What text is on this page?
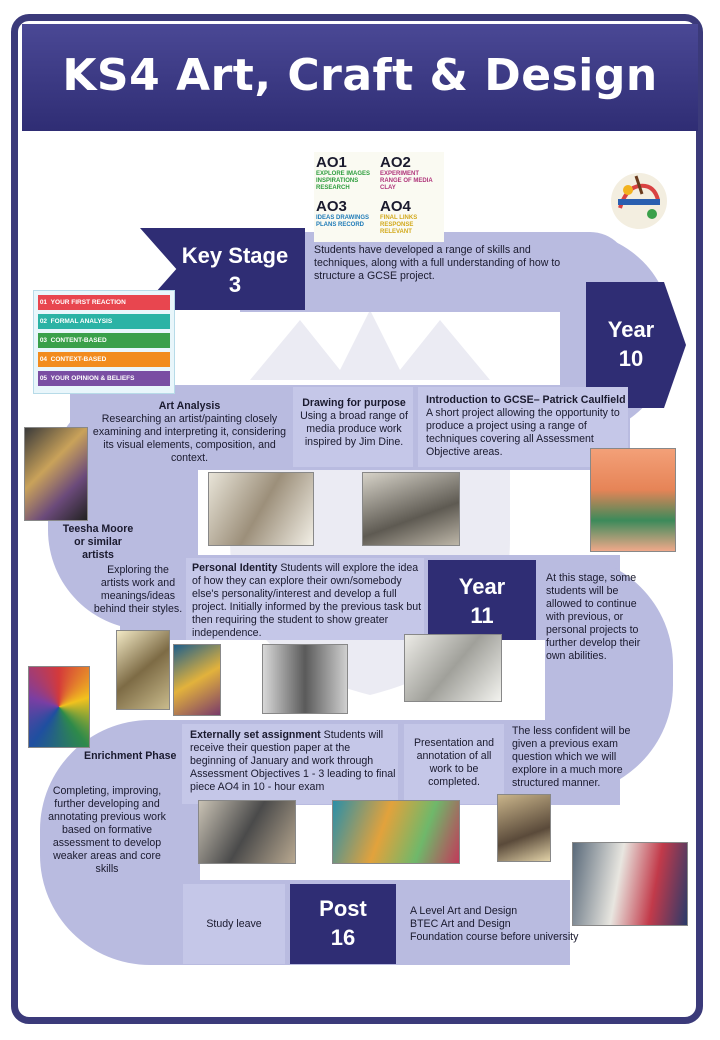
KS4 Art, Craft & Design
Key Stage
3
Year
10
Year
11
Post
16
AO1
EXPLORE IMAGES INSPIRATIONS RESEARCH
AO2
EXPERIMENT RANGE OF MEDIA CLAY
AO3
IDEAS DRAWINGS PLANS RECORD
AO4
FINAL LINKS RESPONSE RELEVANT
01 YOUR FIRST REACTION
02 FORMAL ANALYSIS
03 CONTENT-BASED
04 CONTEXT-BASED
05 YOUR OPINION & BELIEFS
Students have developed a range of skills and techniques, along with a full understanding of how to structure a GCSE project.
Art Analysis
Researching an artist/painting closely examining and interpreting it, considering its visual elements, composition, and context.
Drawing for purpose
Using a broad range of media produce work inspired by Jim Dine.
Introduction to GCSE– Patrick Caulfield
A short project allowing the opportunity to produce a project using a range of techniques covering all Assessment Objective areas.
Teesha Moore or similar artists
Exploring the artists work and meanings/ideas behind their styles.
Personal Identity Students will explore the idea of how they can explore their own/somebody else's personality/interest and develop a full project. Initially informed by the previous task but then requiring the student to show greater independence.
At this stage, some students will be allowed to continue with previous, or personal projects to further develop their own abilities.
Enrichment Phase
Completing, improving, further developing and annotating previous work based on formative assessment to develop weaker areas and core skills
Externally set assignment Students will receive their question paper at the beginning of January and work through Assessment Objectives 1 - 3 leading to final piece AO4 in 10 - hour exam
Presentation and annotation of all work to be completed.
The less confident will be given a previous exam question which we will explore in a much more structured manner.
Study leave
A Level Art and Design
BTEC Art and Design
Foundation course before university
